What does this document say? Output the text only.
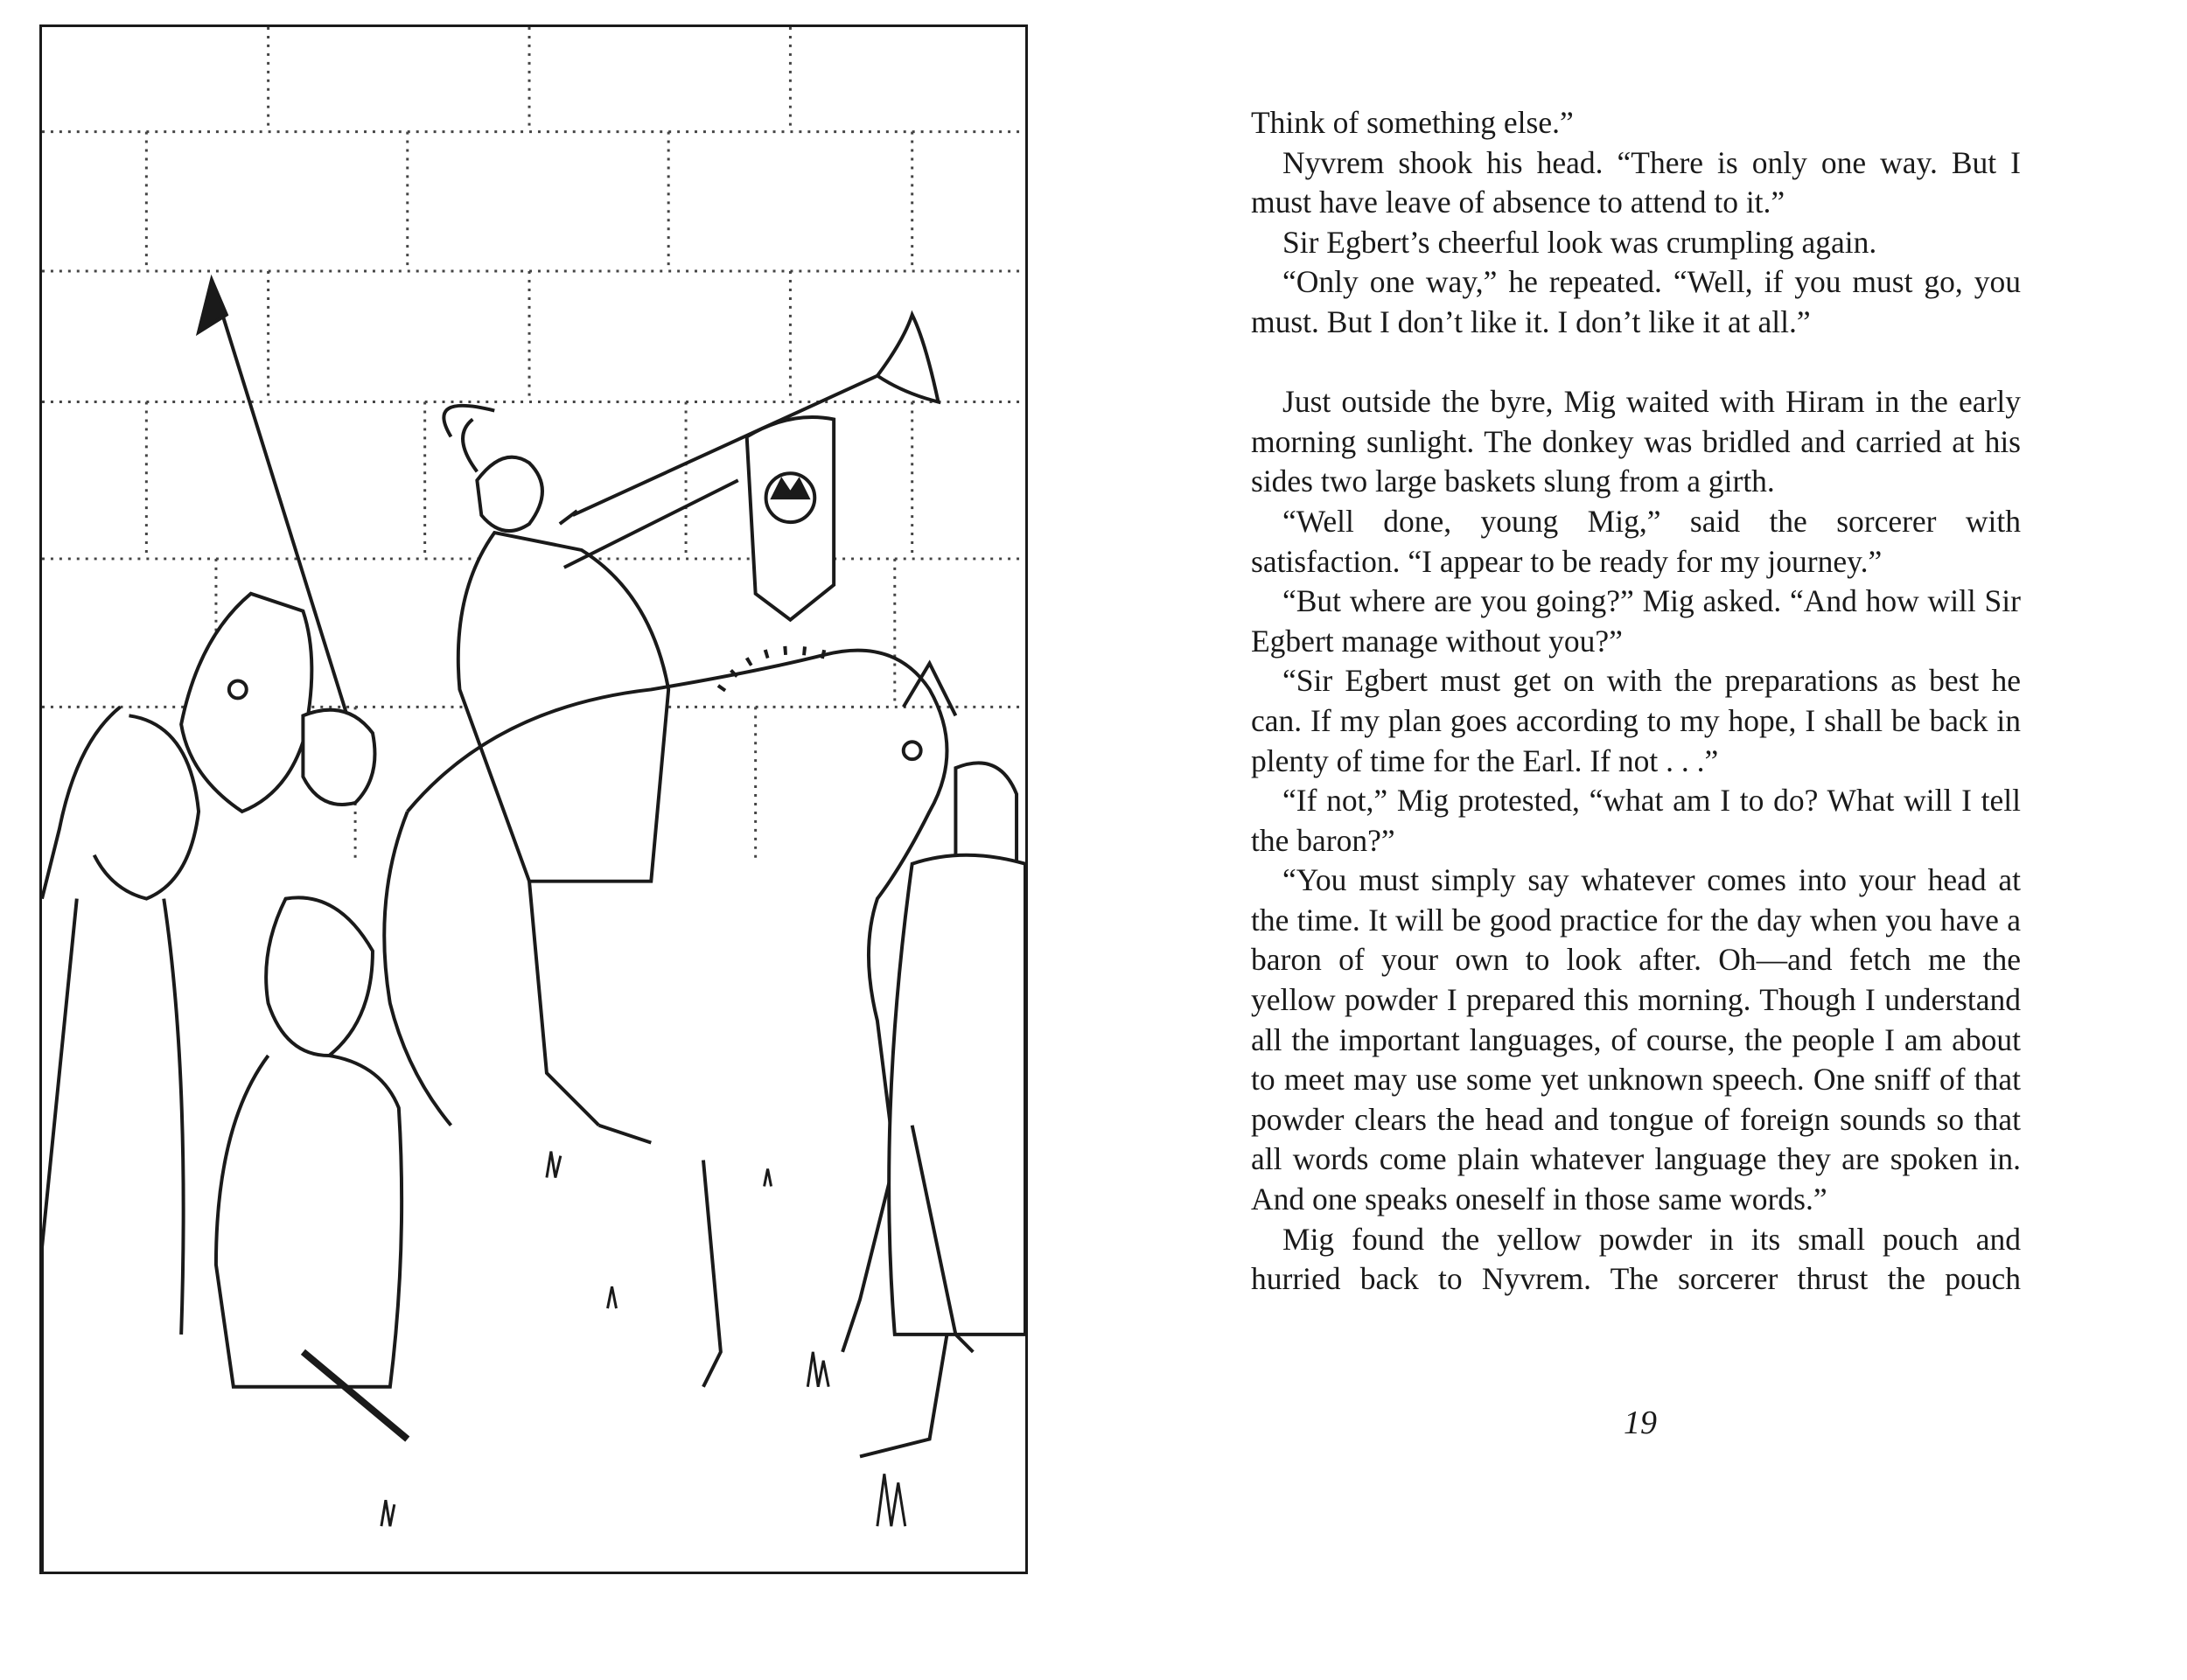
Think of something else.”

Nyvrem shook his head. “There is only one way. But I must have leave of absence to attend to it.”

Sir Egbert’s cheerful look was crumpling again.

“Only one way,” he repeated. “Well, if you must go, you must. But I don’t like it. I don’t like it at all.”

Just outside the byre, Mig waited with Hiram in the early morning sunlight. The donkey was bridled and carried at his sides two large baskets slung from a girth.

“Well done, young Mig,” said the sorcerer with satisfaction. “I appear to be ready for my journey.”

“But where are you going?” Mig asked. “And how will Sir Egbert manage without you?”

“Sir Egbert must get on with the preparations as best he can. If my plan goes according to my hope, I shall be back in plenty of time for the Earl. If not . . .”

“If not,” Mig protested, “what am I to do? What will I tell the baron?”

“You must simply say whatever comes into your head at the time. It will be good practice for the day when you have a baron of your own to look after. Oh—and fetch me the yellow powder I prepared this morning. Though I understand all the important languages, of course, the people I am about to meet may use some yet unknown speech. One sniff of that powder clears the head and tongue of foreign sounds so that all words come plain whatever language they are spoken in. And one speaks oneself in those same words.”

Mig found the yellow powder in its small pouch and hurried back to Nyvrem. The sorcerer thrust the pouch

19
